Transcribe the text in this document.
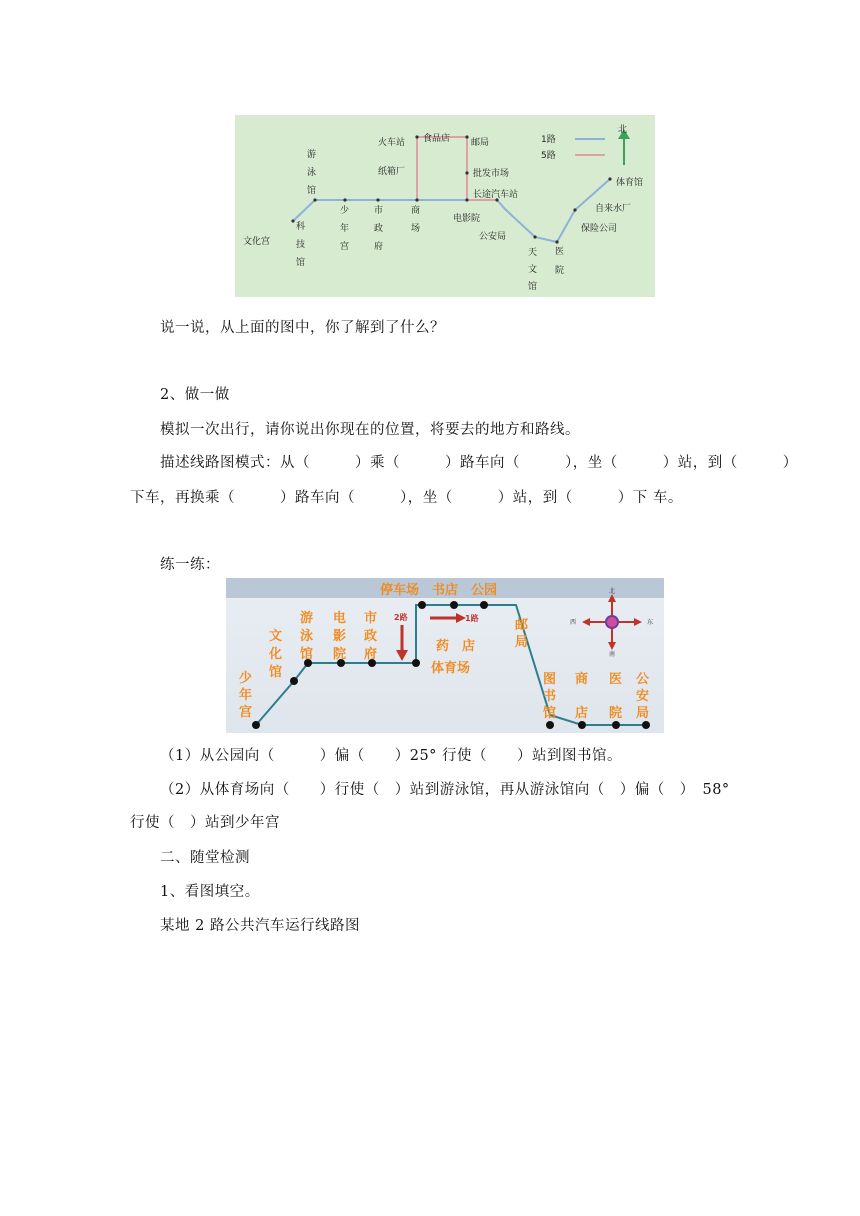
1路
5路
北
文化宫
火车站 食品店 邮局
纸箱厂	批发市场
长途汽车站
电影院
公安局
保险公司
自来水厂
体育馆
游
泳
馆
科
技
馆
少
年
宫
市
政
府
商
场
天
文
馆
医
院
说一说，从上面的图中，你了解到了什么？
2、做一做
模拟一次出行，请你说出你现在的位置，将要去的地方和路线。
描述线路图模式：从（　　　）乘（　　　）路车向（　　　），坐（　　　）站，到（　　　）
下车，再换乘（　　　）路车向（　　　），坐（　　　）站，到（　　　）下 车。
练一练：
北
南
西	东
停车场　书店　公园
游
泳
馆
电
影
院
市
政
府
文
化
馆
少
年
宫
药　店
体育场
邮
局
图
书
馆
商
店
医
院
公
安
局
2路	1路
（1）从公园向（　　　）偏（　　）25° 行使（　　）站到图书馆。
（2）从体育场向（　　）行使（　）站到游泳馆，再从游泳馆向（　）偏（　）　58°
行使（　）站到少年宫
二、随堂检测
1、看图填空。
某地 2 路公共汽车运行线路图
